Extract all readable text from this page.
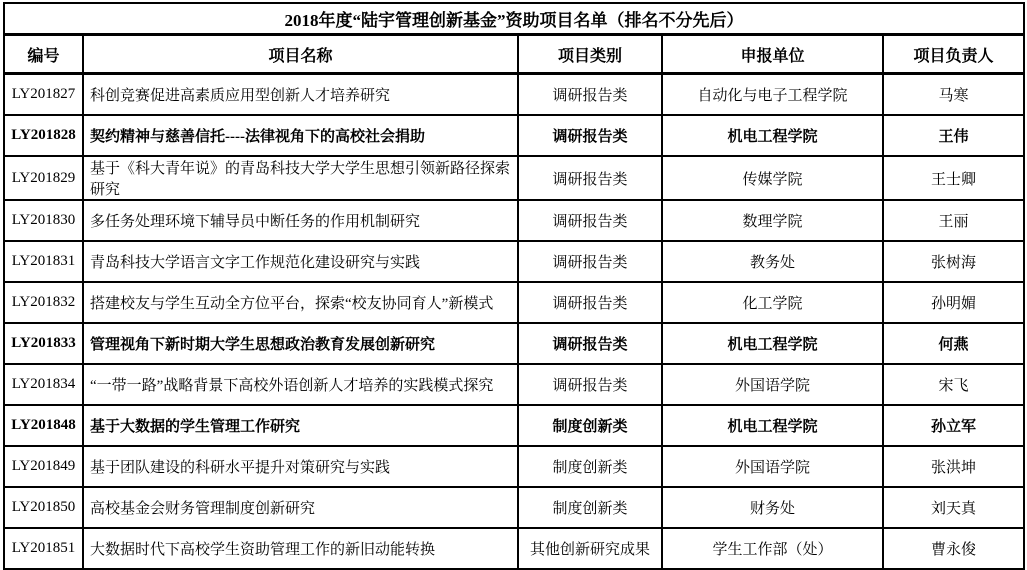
2018年度“陆宇管理创新基金”资助项目名单（排名不分先后）				
编号	项目名称	项目类别	申报单位	项目负责人
LY201827	科创竞赛促进高素质应用型创新人才培养研究	调研报告类	自动化与电子工程学院	马寒
LY201828	契约精神与慈善信托----法律视角下的高校社会捐助	调研报告类	机电工程学院	王伟
LY201829	基于《科大青年说》的青岛科技大学大学生思想引领新路径探索研究	调研报告类	传媒学院	王士卿
LY201830	多任务处理环境下辅导员中断任务的作用机制研究	调研报告类	数理学院	王丽
LY201831	青岛科技大学语言文字工作规范化建设研究与实践	调研报告类	教务处	张树海
LY201832	搭建校友与学生互动全方位平台，探索“校友协同育人”新模式	调研报告类	化工学院	孙明媚
LY201833	管理视角下新时期大学生思想政治教育发展创新研究	调研报告类	机电工程学院	何燕
LY201834	“一带一路”战略背景下高校外语创新人才培养的实践模式探究	调研报告类	外国语学院	宋飞
LY201848	基于大数据的学生管理工作研究	制度创新类	机电工程学院	孙立军
LY201849	基于团队建设的科研水平提升对策研究与实践	制度创新类	外国语学院	张洪坤
LY201850	高校基金会财务管理制度创新研究	制度创新类	财务处	刘天真
LY201851	大数据时代下高校学生资助管理工作的新旧动能转换	其他创新研究成果	学生工作部（处）	曹永俊
